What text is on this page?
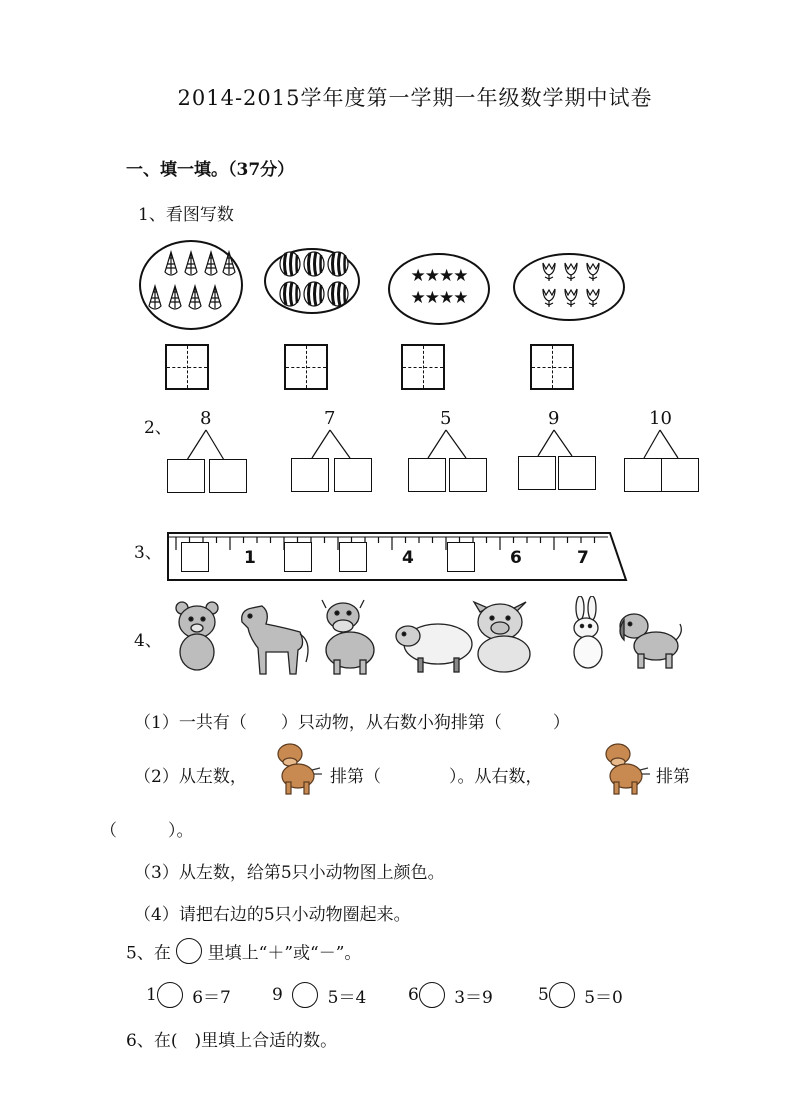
2014-2015学年度第一学期一年级数学期中试卷
一、填一填。（37分）
1、看图写数
★★★★
★★★★
2、 8	7	5	9	10
3、	1	4	6	7
4、
（1）一共有（　　）只动物，从右数小狗排第（　　　）
（2）从左数，	排第（　　　　）。从右数，	排第
（　　　）。
（3）从左数，给第5只小动物图上颜色。
（4）请把右边的5只小动物圈起来。
5、在 里填上“＋”或“－”。
1 6＝7 9	5＝4 6 3＝9	5 5＝0
6、在(　)里填上合适的数。
